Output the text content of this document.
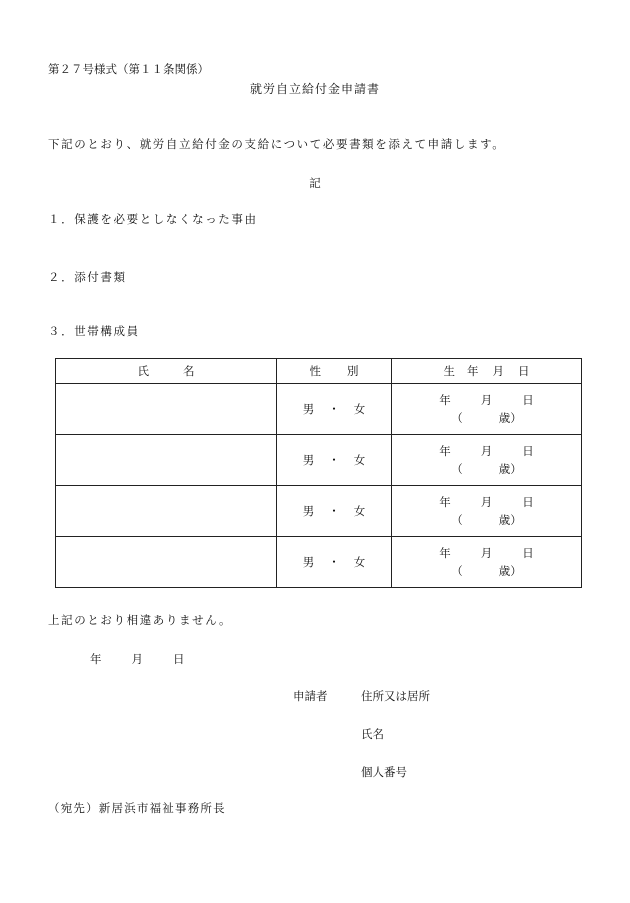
第２７号様式（第１１条関係）
就労自立給付金申請書
下記のとおり、就労自立給付金の支給について必要書類を添えて申請します。
記
１．保護を必要としなくなった事由
２．添付書類
３．世帯構成員
氏 名	性 別	生 年 月 日
	男 ・ 女	年 月 日
（ 歳）

	男 ・ 女	年 月 日
（ 歳）

	男 ・ 女	年 月 日
（ 歳）

	男 ・ 女	年 月 日
（ 歳）
上記のとおり相違ありません。
年	月	日
申請者	住所又は居所
氏名
個人番号
（宛先）新居浜市福祉事務所長
